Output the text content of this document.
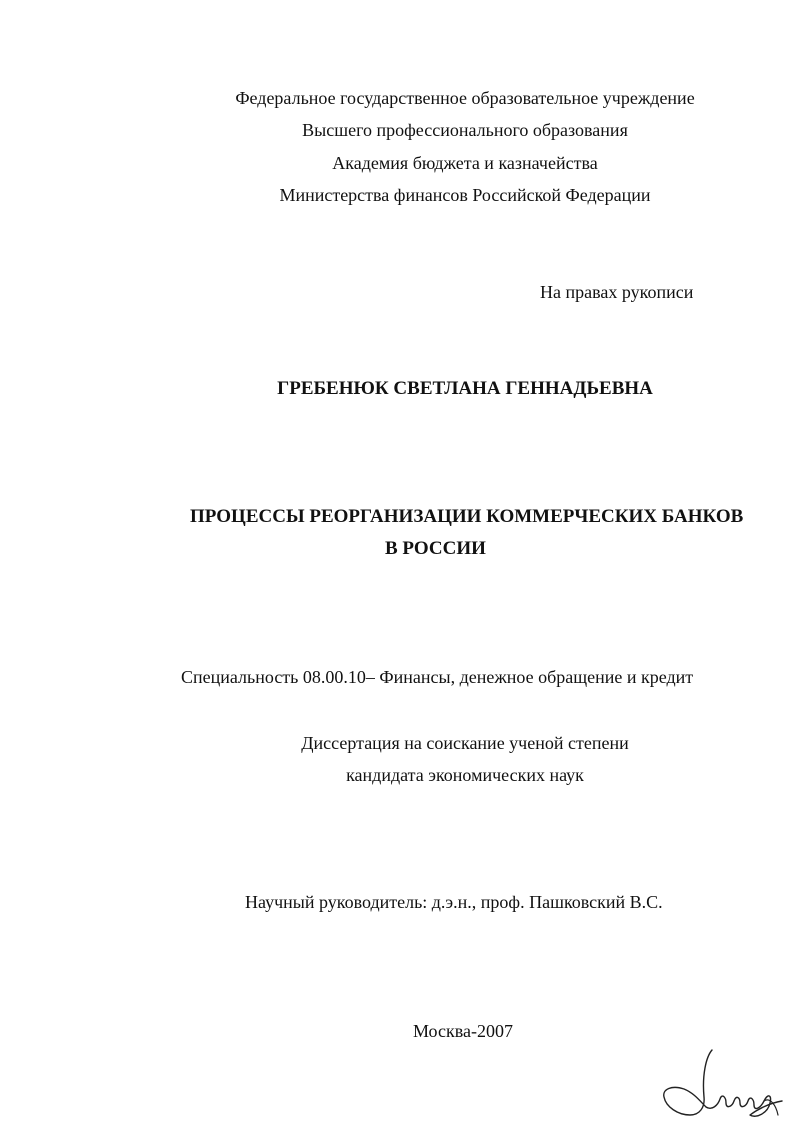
Федеральное государственное образовательное учреждение
Высшего профессионального образования
Академия бюджета и казначейства
Министерства финансов Российской Федерации
На правах рукописи
ГРЕБЕНЮК СВЕТЛАНА ГЕННАДЬЕВНА
ПРОЦЕССЫ РЕОРГАНИЗАЦИИ КОММЕРЧЕСКИХ БАНКОВ
В РОССИИ
Специальность 08.00.10– Финансы, денежное обращение и кредит
Диссертация на соискание ученой степени
кандидата экономических наук
Научный руководитель: д.э.н., проф. Пашковский В.С.
Москва-2007
